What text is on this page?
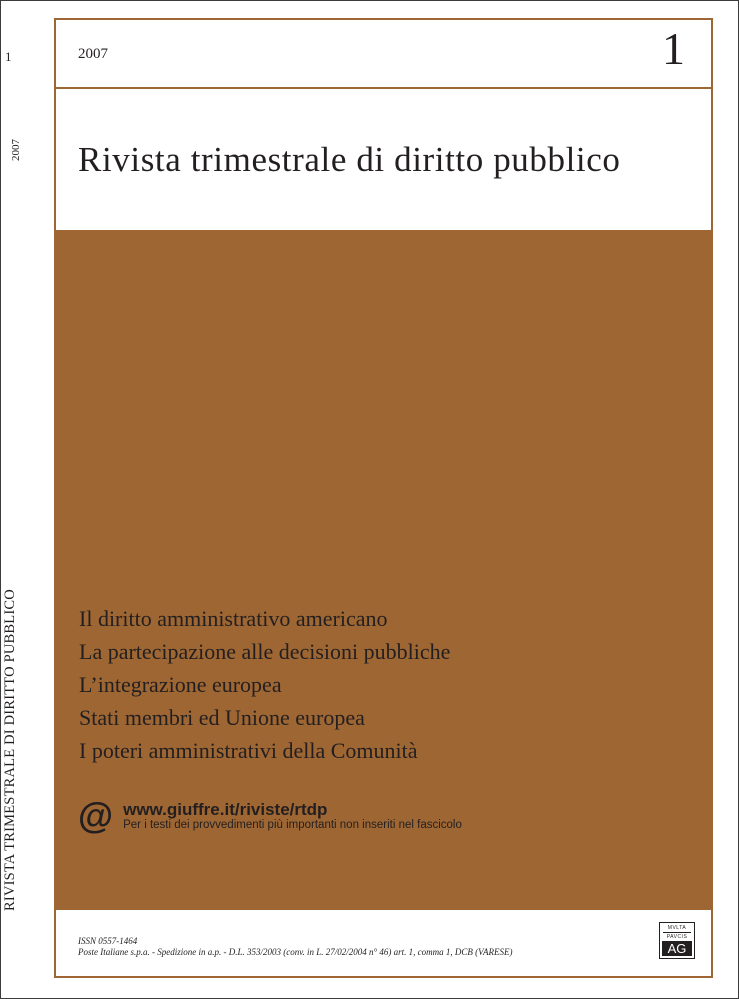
1
2007
RIVISTA TRIMESTRALE DI DIRITTO PUBBLICO
2007	1
Rivista trimestrale di diritto pubblico
Il diritto amministrativo americano
La partecipazione alle decisioni pubbliche
L’integrazione europea
Stati membri ed Unione europea
I poteri amministrativi della Comunità
@ www.giuffre.it/riviste/rtdp
Per i testi dei provvedimenti più importanti non inseriti nel fascicolo
ISSN 0557-1464
Poste Italiane s.p.a. - Spedizione in a.p. - D.L. 353/2003 (conv. in L. 27/02/2004 n° 46) art. 1, comma 1, DCB (VARESE)
MVLTA
PAVCIS
AG
